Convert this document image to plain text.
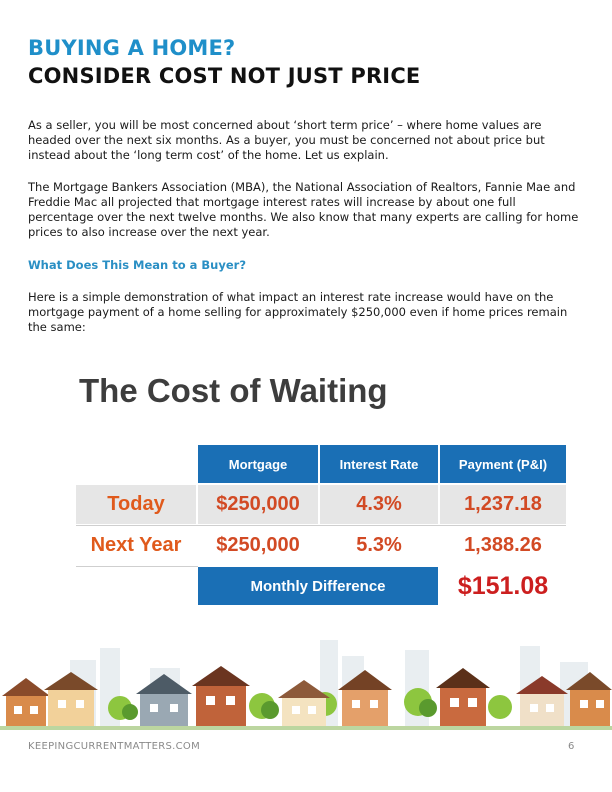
BUYING A HOME?
CONSIDER COST NOT JUST PRICE

As a seller, you will be most concerned about ‘short term price’ – where home values are headed over the next six months. As a buyer, you must be concerned not about price but instead about the ‘long term cost’ of the home. Let us explain.

The Mortgage Bankers Association (MBA), the National Association of Realtors, Fannie Mae and Freddie Mac all projected that mortgage interest rates will increase by about one full percentage over the next twelve months. We also know that many experts are calling for home prices to also increase over the next year.

What Does This Mean to a Buyer?

Here is a simple demonstration of what impact an interest rate increase would have on the mortgage payment of a home selling for approximately $250,000 even if home prices remain the same:

The Cost of Waiting
Mortgage	Interest Rate	Payment (P&I)
Today	$250,000	4.3%	1,237.18
Next Year	$250,000	5.3%	1,388.26
Monthly Difference	$151.08
KEEPINGCURRENTMATTERS.COM	6
